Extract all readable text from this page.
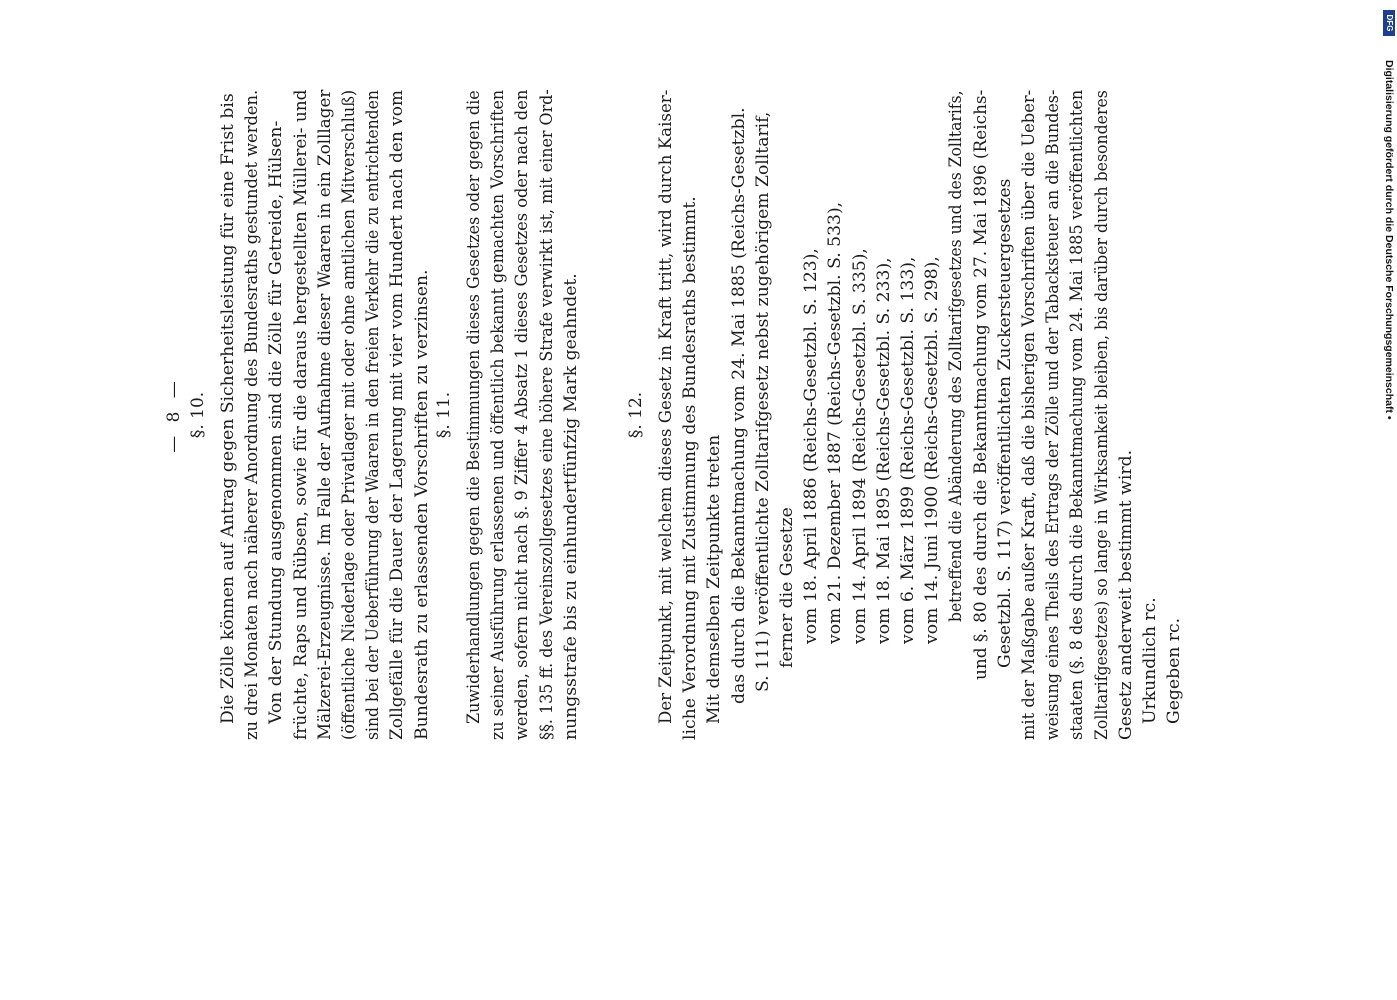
— 8 — §. 10. Die Zölle können auf Antrag gegen Sicherheitsleistung für eine Frist bis zu drei Monaten nach näherer Anordnung des Bundesraths gestundet werden. Von der Stundung ausgenommen sind die Zölle für Getreide, Hülsen- früchte, Raps und Rübsen, sowie für die daraus hergestellten Müllerei- und Mälzerei-Erzeugnisse. Im Falle der Aufnahme dieser Waaren in ein Zolllager (öffentliche Niederlage oder Privatlager mit oder ohne amtlichen Mitverschluß) sind bei der Ueberführung der Waaren in den freien Verkehr die zu entrichtenden Zollgefälle für die Dauer der Lagerung mit vier vom Hundert nach den vom Bundesrath zu erlassenden Vorschriften zu verzinsen. §. 11. Zuwiderhandlungen gegen die Bestimmungen dieses Gesetzes oder gegen die zu seiner Ausführung erlassenen und öffentlich bekannt gemachten Vorschriften werden, sofern nicht nach §. 9 Ziffer 4 Absatz 1 dieses Gesetzes oder nach den §§. 135 ff. des Vereinszollgesetzes eine höhere Strafe verwirkt ist, mit einer Ord- nungsstrafe bis zu einhundertfünfzig Mark geahndet.	§. 12. Der Zeitpunkt, mit welchem dieses Gesetz in Kraft tritt, wird durch Kaiser- liche Verordnung mit Zustimmung des Bundesraths bestimmt. Mit demselben Zeitpunkte treten das durch die Bekanntmachung vom 24. Mai 1885 (Reichs-Gesetzbl. S. 111) veröffentlichte Zolltarifgesetz nebst zugehörigem Zolltarif, ferner die Gesetze vom 18. April 1886 (Reichs-Gesetzbl. S. 123), vom 21. Dezember 1887 (Reichs-Gesetzbl. S. 533), vom 14. April 1894 (Reichs-Gesetzbl. S. 335), vom 18. Mai 1895 (Reichs-Gesetzbl. S. 233), vom 6. März 1899 (Reichs-Gesetzbl. S. 133), vom 14. Juni 1900 (Reichs-Gesetzbl. S. 298), betreffend die Abänderung des Zolltarifgesetzes und des Zolltarifs, und §. 80 des durch die Bekanntmachung vom 27. Mai 1896 (Reichs- Gesetzbl. S. 117) veröffentlichten Zuckersteuergesetzes mit der Maßgabe außer Kraft, daß die bisherigen Vorschriften über die Ueber- weisung eines Theils des Ertrags der Zölle und der Tabacksteuer an die Bundes- staaten (§. 8 des durch die Bekanntmachung vom 24. Mai 1885 veröffentlichten Zolltarifgesetzes) so lange in Wirksamkeit bleiben, bis darüber durch besonderes Gesetz anderweit bestimmt wird. Urkundlich rc. Gegeben rc.
DFG
Digitalisierung gefördert durch die Deutsche Forschungsgemeinschaft •
